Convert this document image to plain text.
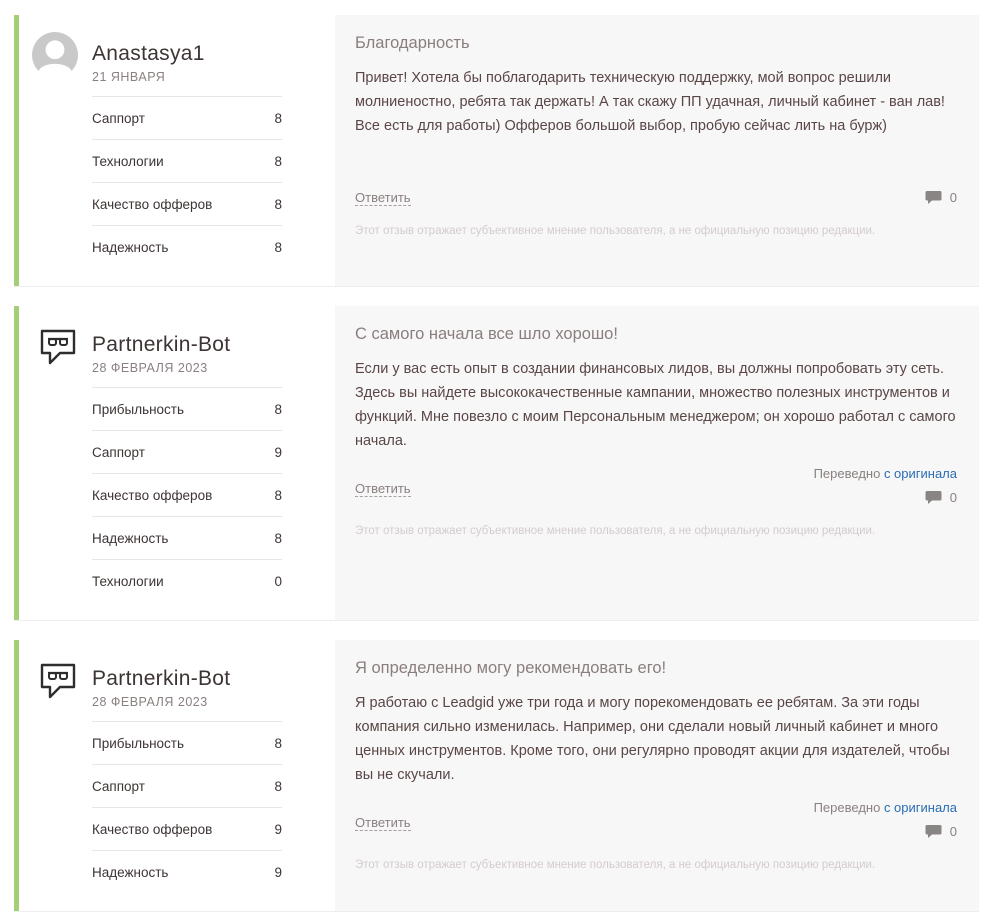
Anastasya1
21 ЯНВАРЯ
Саппорт	8
Технологии	8
Качество офферов	8
Надежность	8
Благодарность
Привет! Хотела бы поблагодарить техническую поддержку, мой вопрос решили молниеностно, ребята так держать! А так скажу ПП удачная, личный кабинет - ван лав! Все есть для работы) Офферов большой выбор, пробую сейчас лить на бурж)
Ответить	0
Этот отзыв отражает субъективное мнение пользователя, а не официальную позицию редакции.
Partnerkin-Bot
28 ФЕВРАЛЯ 2023
Прибыльность	8
Саппорт	9
Качество офферов	8
Надежность	8
Технологии	0
С самого начала все шло хорошо!
Если у вас есть опыт в создании финансовых лидов, вы должны попробовать эту сеть. Здесь вы найдете высококачественные кампании, множество полезных инструментов и функций. Мне повезло с моим Персональным менеджером; он хорошо работал с самого начала.
Переведно с оригинала
Ответить
0
Этот отзыв отражает субъективное мнение пользователя, а не официальную позицию редакции.
Partnerkin-Bot
28 ФЕВРАЛЯ 2023
Прибыльность	8
Саппорт	8
Качество офферов	9
Надежность	9
Я определенно могу рекомендовать его!
Я работаю с Leadgid уже три года и могу порекомендовать ее ребятам. За эти годы компания сильно изменилась. Например, они сделали новый личный кабинет и много ценных инструментов. Кроме того, они регулярно проводят акции для издателей, чтобы вы не скучали.
Переведно с оригинала
Ответить
0
Этот отзыв отражает субъективное мнение пользователя, а не официальную позицию редакции.
